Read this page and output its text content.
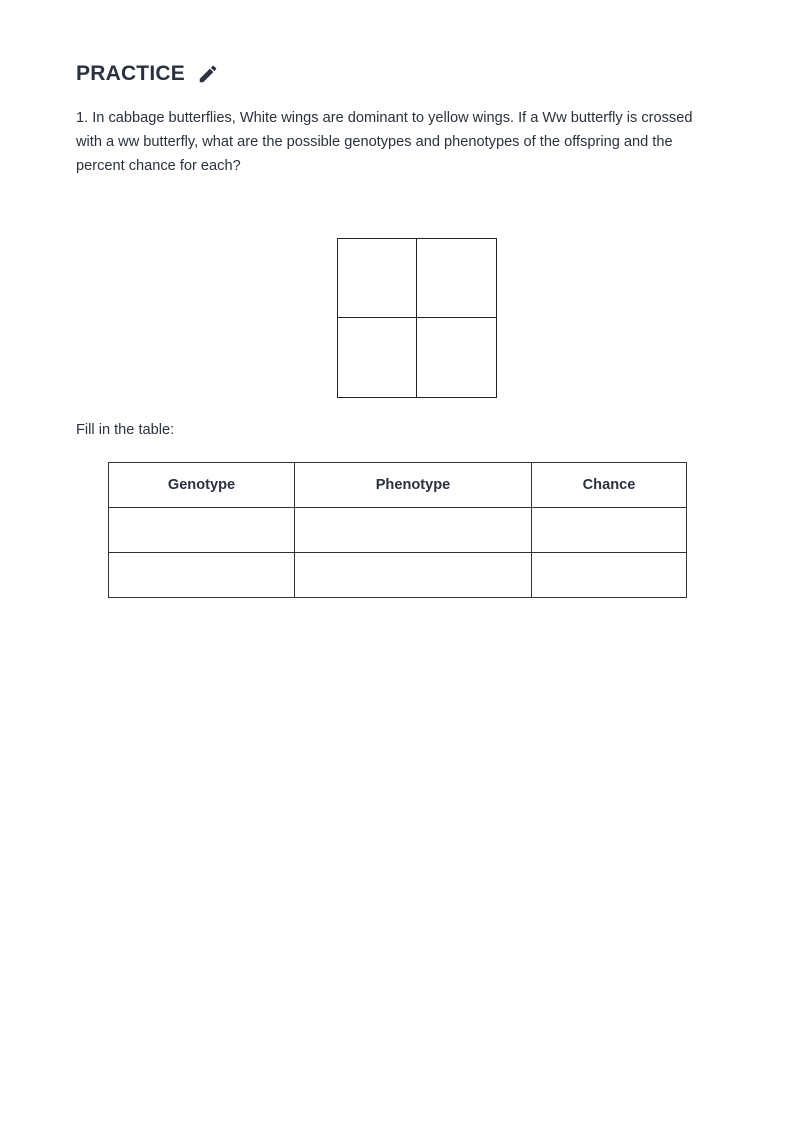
PRACTICE
1. In cabbage butterflies, White wings are dominant to yellow wings. If a Ww butterfly is crossed with a ww butterfly, what are the possible genotypes and phenotypes of the offspring and the percent chance for each?
Fill in the table:
Genotype	Phenotype	Chance
